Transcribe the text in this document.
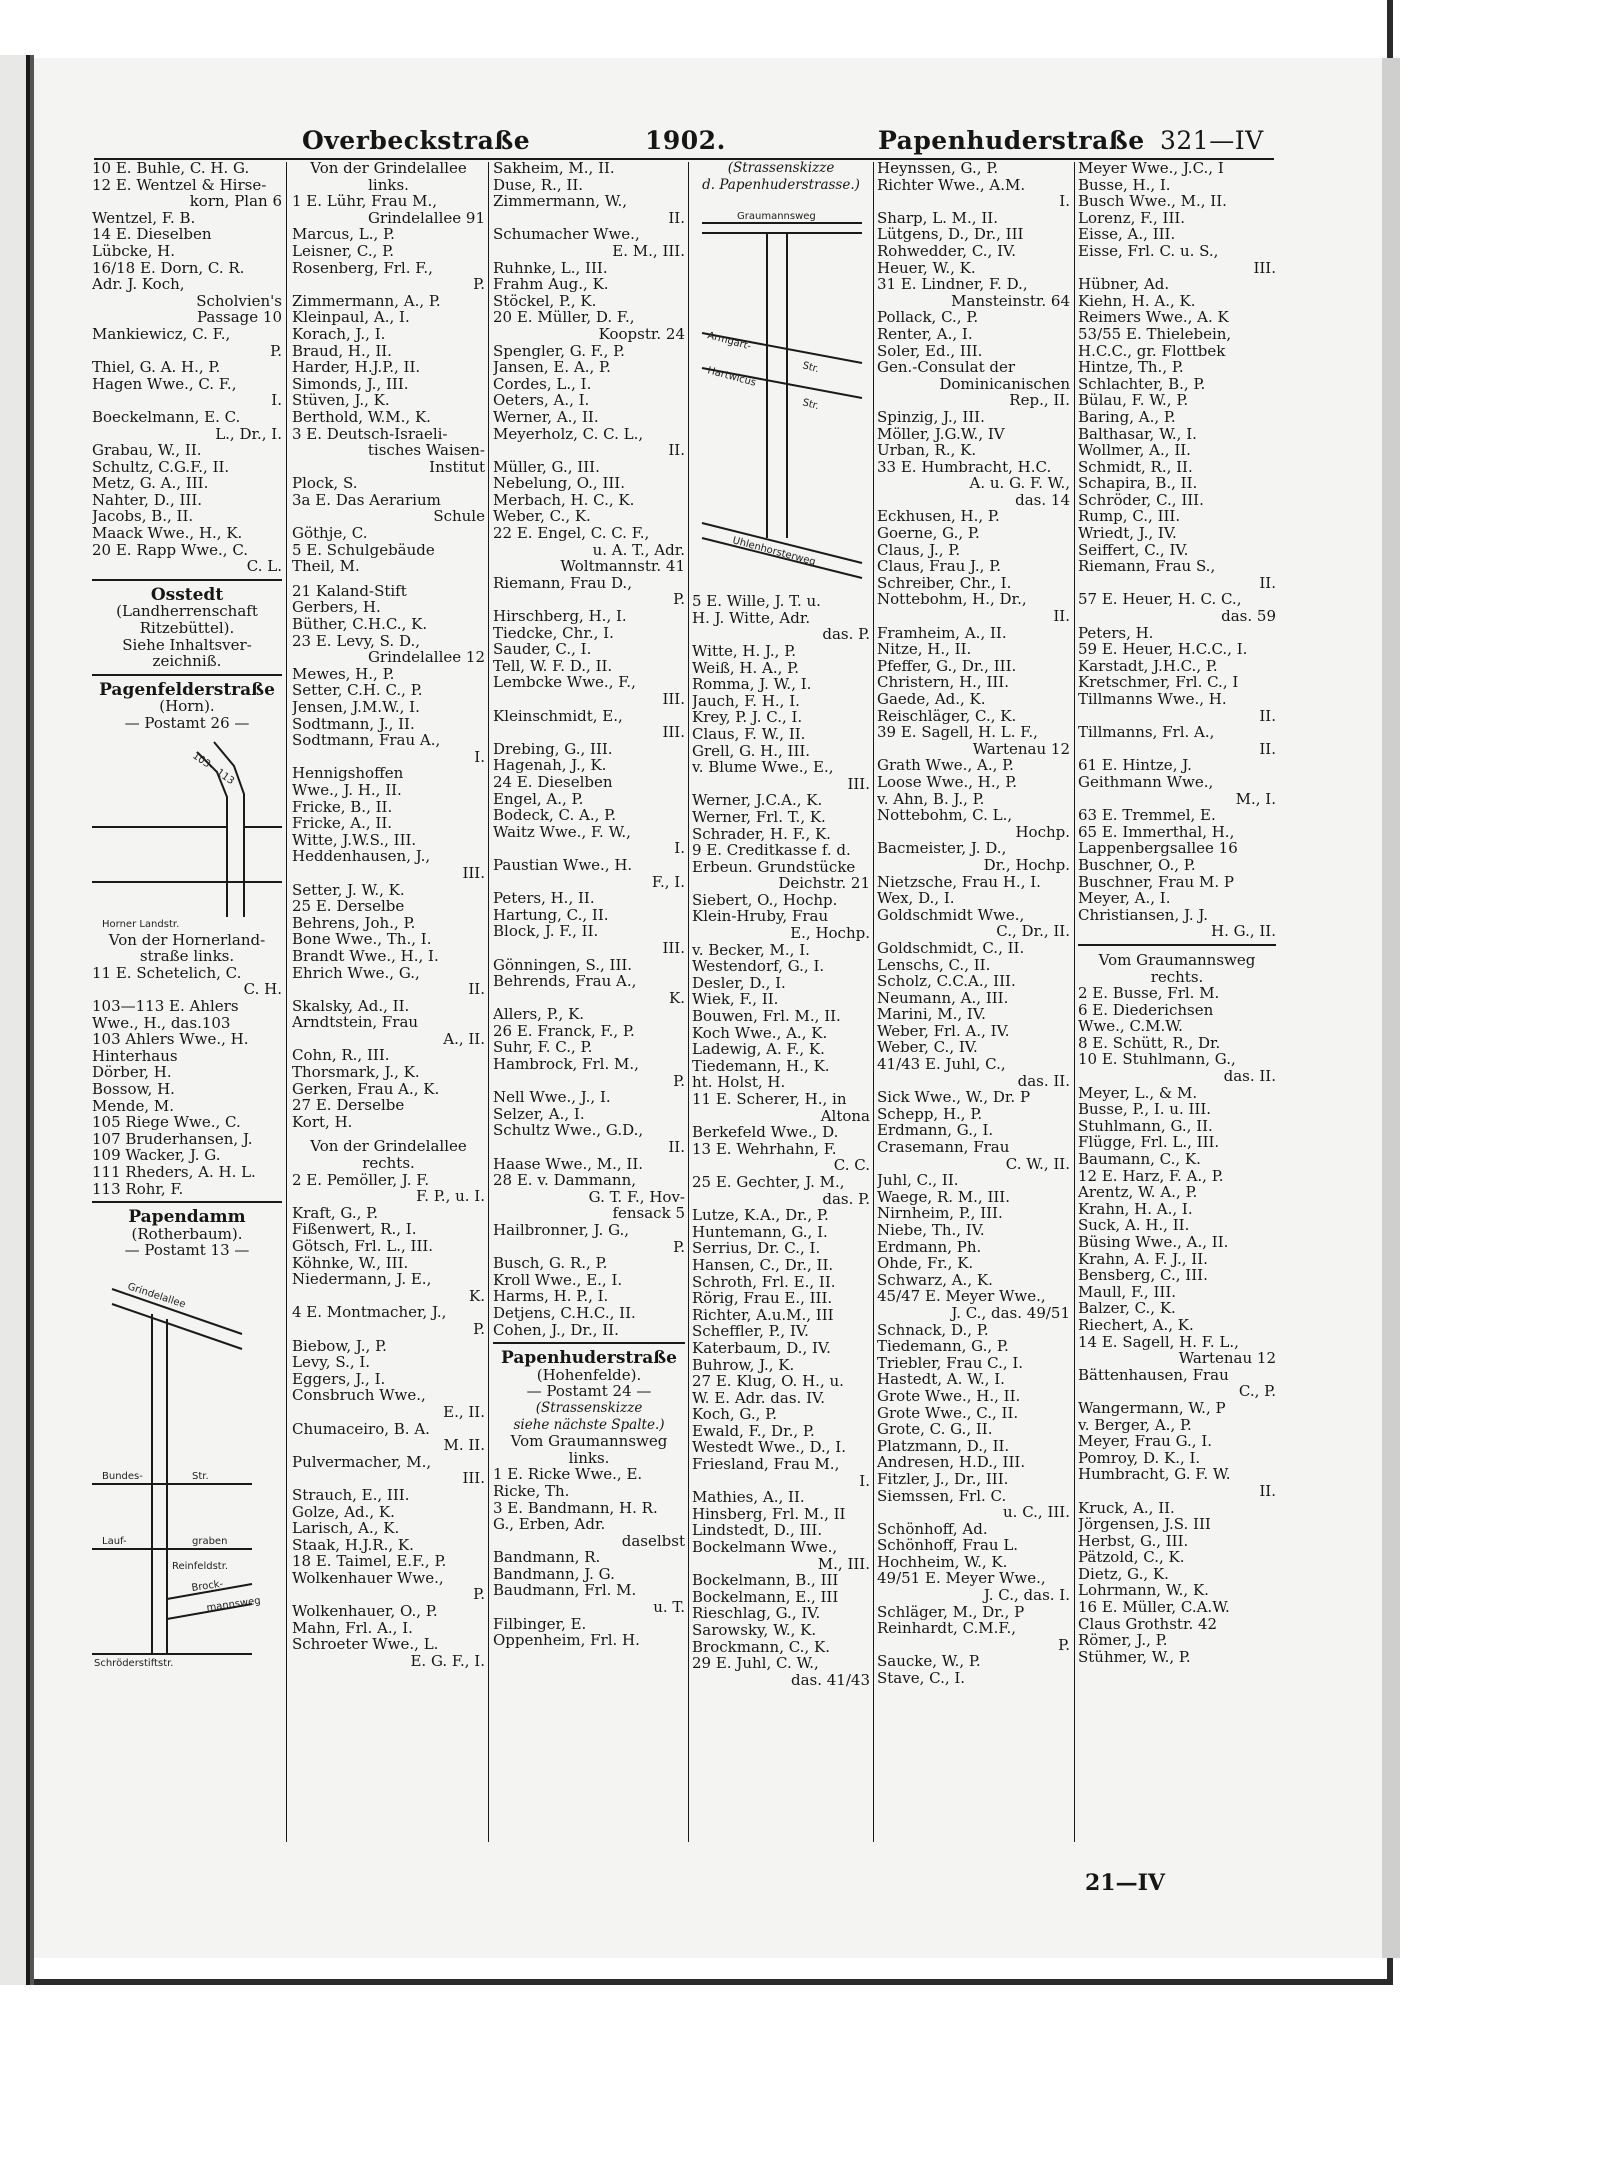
Overbeckstraße	1902.	Papenhuderstraße 321—IV
10 E. Buhle, C. H. G.
12 E. Wentzel & Hirse-
korn, Plan 6
Wentzel, F. B.
14 E. Dieselben
Lübcke, H.
16/18 E. Dorn, C. R.
Adr. J. Koch,
Scholvien's
Passage 10
Mankiewicz, C. F.,
P.
Thiel, G. A. H., P.
Hagen Wwe., C. F.,
I.
Boeckelmann, E. C.
L., Dr., I.
Grabau, W., II.
Schultz, C.G.F., II.
Metz, G. A., III.
Nahter, D., III.
Jacobs, B., II.
Maack Wwe., H., K.
20 E. Rapp Wwe., C.
C. L.
Osstedt
(Landherrenschaft
Ritzebüttel).
Siehe Inhaltsver-
zeichniß.
Pagenfelderstraße
(Horn).
— Postamt 26 —
103—113
Horner Landstr.
Von der Hornerland-
straße links.
11 E. Schetelich, C.
C. H.
103—113 E. Ahlers
Wwe., H., das.103
103 Ahlers Wwe., H.
Hinterhaus
Dörber, H.
Bossow, H.
Mende, M.
105 Riege Wwe., C.
107 Bruderhansen, J.
109 Wacker, J. G.
111 Rheders, A. H. L.
113 Rohr, F.
Papendamm
(Rotherbaum).
— Postamt 13 —
Grindelallee
Bundes-	Str.
Lauf-	graben
Reinfeldstr.
Brock-
mannsweg
Schröderstiftstr.
Von der Grindelallee
links.
1 E. Lühr, Frau M.,
Grindelallee 91
Marcus, L., P.
Leisner, C., P.
Rosenberg, Frl. F.,
P.
Zimmermann, A., P.
Kleinpaul, A., I.
Korach, J., I.
Braud, H., II.
Harder, H.J.P., II.
Simonds, J., III.
Stüven, J., K.
Berthold, W.M., K.
3 E. Deutsch-Israeli-
tisches Waisen-
Institut
Plock, S.
3a E. Das Aerarium
Schule
Göthje, C.
5 E. Schulgebäude
Theil, M.
21 Kaland-Stift
Gerbers, H.
Büther, C.H.C., K.
23 E. Levy, S. D.,
Grindelallee 12
Mewes, H., P.
Setter, C.H. C., P.
Jensen, J.M.W., I.
Sodtmann, J., II.
Sodtmann, Frau A.,
I.
Hennigshoffen
Wwe., J. H., II.
Fricke, B., II.
Fricke, A., II.
Witte, J.W.S., III.
Heddenhausen, J.,
III.
Setter, J. W., K.
25 E. Derselbe
Behrens, Joh., P.
Bone Wwe., Th., I.
Brandt Wwe., H., I.
Ehrich Wwe., G.,
II.
Skalsky, Ad., II.
Arndtstein, Frau
A., II.
Cohn, R., III.
Thorsmark, J., K.
Gerken, Frau A., K.
27 E. Derselbe
Kort, H.
Von der Grindelallee
rechts.
2 E. Pemöller, J. F.
F. P., u. I.
Kraft, G., P.
Fißenwert, R., I.
Götsch, Frl. L., III.
Köhnke, W., III.
Niedermann, J. E.,
K.
4 E. Montmacher, J.,
P.
Biebow, J., P.
Levy, S., I.
Eggers, J., I.
Consbruch Wwe.,
E., II.
Chumaceiro, B. A.
M. II.
Pulvermacher, M.,
III.
Strauch, E., III.
Golze, Ad., K.
Larisch, A., K.
Staak, H.J.R., K.
18 E. Taimel, E.F., P.
Wolkenhauer Wwe.,
P.
Wolkenhauer, O., P.
Mahn, Frl. A., I.
Schroeter Wwe., L.
E. G. F., I.
Sakheim, M., II.
Duse, R., II.
Zimmermann, W.,
II.
Schumacher Wwe.,
E. M., III.
Ruhnke, L., III.
Frahm Aug., K.
Stöckel, P., K.
20 E. Müller, D. F.,
Koopstr. 24
Spengler, G. F., P.
Jansen, E. A., P.
Cordes, L., I.
Oeters, A., I.
Werner, A., II.
Meyerholz, C. C. L.,
II.
Müller, G., III.
Nebelung, O., III.
Merbach, H. C., K.
Weber, C., K.
22 E. Engel, C. C. F.,
u. A. T., Adr.
Woltmannstr. 41
Riemann, Frau D.,
P.
Hirschberg, H., I.
Tiedcke, Chr., I.
Sauder, C., I.
Tell, W. F. D., II.
Lembcke Wwe., F.,
III.
Kleinschmidt, E.,
III.
Drebing, G., III.
Hagenah, J., K.
24 E. Dieselben
Engel, A., P.
Bodeck, C. A., P.
Waitz Wwe., F. W.,
I.
Paustian Wwe., H.
F., I.
Peters, H., II.
Hartung, C., II.
Block, J. F., II.
III.
Gönningen, S., III.
Behrends, Frau A.,
K.
Allers, P., K.
26 E. Franck, F., P.
Suhr, F. C., P.
Hambrock, Frl. M.,
P.
Nell Wwe., J., I.
Selzer, A., I.
Schultz Wwe., G.D.,
II.
Haase Wwe., M., II.
28 E. v. Dammann,
G. T. F., Hov-
fensack 5
Hailbronner, J. G.,
P.
Busch, G. R., P.
Kroll Wwe., E., I.
Harms, H. P., I.
Detjens, C.H.C., II.
Cohen, J., Dr., II.
Papenhuderstraße
(Hohenfelde).
— Postamt 24 —
(Strassenskizze
siehe nächste Spalte.)
Vom Graumannsweg
links.
1 E. Ricke Wwe., E.
Ricke, Th.
3 E. Bandmann, H. R.
G., Erben, Adr.
daselbst
Bandmann, R.
Bandmann, J. G.
Baudmann, Frl. M.
u. T.
Filbinger, E.
Oppenheim, Frl. H.
(Strassenskizze
d. Papenhuderstrasse.)
Graumannsweg
Armgart-
Str.
Hartwicus
Str.
Uhlenhorsterweg
5 E. Wille, J. T. u.
H. J. Witte, Adr.
das. P.
Witte, H. J., P.
Weiß, H. A., P.
Romma, J. W., I.
Jauch, F. H., I.
Krey, P. J. C., I.
Claus, F. W., II.
Grell, G. H., III.
v. Blume Wwe., E.,
III.
Werner, J.C.A., K.
Werner, Frl. T., K.
Schrader, H. F., K.
9 E. Creditkasse f. d.
Erbeun. Grundstücke
Deichstr. 21
Siebert, O., Hochp.
Klein-Hruby, Frau
E., Hochp.
v. Becker, M., I.
Westendorf, G., I.
Desler, D., I.
Wiek, F., II.
Bouwen, Frl. M., II.
Koch Wwe., A., K.
Ladewig, A. F., K.
Tiedemann, H., K.
ht. Holst, H.
11 E. Scherer, H., in
Altona
Berkefeld Wwe., D.
13 E. Wehrhahn, F.
C. C.
25 E. Gechter, J. M.,
das. P.
Lutze, K.A., Dr., P.
Huntemann, G., I.
Serrius, Dr. C., I.
Hansen, C., Dr., II.
Schroth, Frl. E., II.
Rörig, Frau E., III.
Richter, A.u.M., III
Scheffler, P., IV.
Katerbaum, D., IV.
Buhrow, J., K.
27 E. Klug, O. H., u.
W. E. Adr. das. IV.
Koch, G., P.
Ewald, F., Dr., P.
Westedt Wwe., D., I.
Friesland, Frau M.,
I.
Mathies, A., II.
Hinsberg, Frl. M., II
Lindstedt, D., III.
Bockelmann Wwe.,
M., III.
Bockelmann, B., III
Bockelmann, E., III
Rieschlag, G., IV.
Sarowsky, W., K.
Brockmann, C., K.
29 E. Juhl, C. W.,
das. 41/43
Heynssen, G., P.
Richter Wwe., A.M.
I.
Sharp, L. M., II.
Lütgens, D., Dr., III
Rohwedder, C., IV.
Heuer, W., K.
31 E. Lindner, F. D.,
Mansteinstr. 64
Pollack, C., P.
Renter, A., I.
Soler, Ed., III.
Gen.-Consulat der
Dominicanischen
Rep., II.
Spinzig, J., III.
Möller, J.G.W., IV
Urban, R., K.
33 E. Humbracht, H.C.
A. u. G. F. W.,
das. 14
Eckhusen, H., P.
Goerne, G., P.
Claus, J., P.
Claus, Frau J., P.
Schreiber, Chr., I.
Nottebohm, H., Dr.,
II.
Framheim, A., II.
Nitze, H., II.
Pfeffer, G., Dr., III.
Christern, H., III.
Gaede, Ad., K.
Reischläger, C., K.
39 E. Sagell, H. L. F.,
Wartenau 12
Grath Wwe., A., P.
Loose Wwe., H., P.
v. Ahn, B. J., P.
Nottebohm, C. L.,
Hochp.
Bacmeister, J. D.,
Dr., Hochp.
Nietzsche, Frau H., I.
Wex, D., I.
Goldschmidt Wwe.,
C., Dr., II.
Goldschmidt, C., II.
Lenschs, C., II.
Scholz, C.C.A., III.
Neumann, A., III.
Marini, M., IV.
Weber, Frl. A., IV.
Weber, C., IV.
41/43 E. Juhl, C.,
das. II.
Sick Wwe., W., Dr. P
Schepp, H., P.
Erdmann, G., I.
Crasemann, Frau
C. W., II.
Juhl, C., II.
Waege, R. M., III.
Nirnheim, P., III.
Niebe, Th., IV.
Erdmann, Ph.
Ohde, Fr., K.
Schwarz, A., K.
45/47 E. Meyer Wwe.,
J. C., das. 49/51
Schnack, D., P.
Tiedemann, G., P.
Triebler, Frau C., I.
Hastedt, A. W., I.
Grote Wwe., H., II.
Grote Wwe., C., II.
Grote, C. G., II.
Platzmann, D., II.
Andresen, H.D., III.
Fitzler, J., Dr., III.
Siemssen, Frl. C.
u. C., III.
Schönhoff, Ad.
Schönhoff, Frau L.
Hochheim, W., K.
49/51 E. Meyer Wwe.,
J. C., das. I.
Schläger, M., Dr., P
Reinhardt, C.M.F.,
P.
Saucke, W., P.
Stave, C., I.
Meyer Wwe., J.C., I
Busse, H., I.
Busch Wwe., M., II.
Lorenz, F., III.
Eisse, A., III.
Eisse, Frl. C. u. S.,
III.
Hübner, Ad.
Kiehn, H. A., K.
Reimers Wwe., A. K
53/55 E. Thielebein,
H.C.C., gr. Flottbek
Hintze, Th., P.
Schlachter, B., P.
Bülau, F. W., P.
Baring, A., P.
Balthasar, W., I.
Wollmer, A., II.
Schmidt, R., II.
Schapira, B., II.
Schröder, C., III.
Rump, C., III.
Wriedt, J., IV.
Seiffert, C., IV.
Riemann, Frau S.,
II.
57 E. Heuer, H. C. C.,
das. 59
Peters, H.
59 E. Heuer, H.C.C., I.
Karstadt, J.H.C., P.
Kretschmer, Frl. C., I
Tillmanns Wwe., H.
II.
Tillmanns, Frl. A.,
II.
61 E. Hintze, J.
Geithmann Wwe.,
M., I.
63 E. Tremmel, E.
65 E. Immerthal, H.,
Lappenbergsallee 16
Buschner, O., P.
Buschner, Frau M. P
Meyer, A., I.
Christiansen, J. J.
H. G., II.
Vom Graumannsweg
rechts.
2 E. Busse, Frl. M.
6 E. Diederichsen
Wwe., C.M.W.
8 E. Schütt, R., Dr.
10 E. Stuhlmann, G.,
das. II.
Meyer, L., & M.
Busse, P., I. u. III.
Stuhlmann, G., II.
Flügge, Frl. L., III.
Baumann, C., K.
12 E. Harz, F. A., P.
Arentz, W. A., P.
Krahn, H. A., I.
Suck, A. H., II.
Büsing Wwe., A., II.
Krahn, A. F. J., II.
Bensberg, C., III.
Maull, F., III.
Balzer, C., K.
Riechert, A., K.
14 E. Sagell, H. F. L.,
Wartenau 12
Bättenhausen, Frau
C., P.
Wangermann, W., P
v. Berger, A., P.
Meyer, Frau G., I.
Pomroy, D. K., I.
Humbracht, G. F. W.
II.
Kruck, A., II.
Jörgensen, J.S. III
Herbst, G., III.
Pätzold, C., K.
Dietz, G., K.
Lohrmann, W., K.
16 E. Müller, C.A.W.
Claus Grothstr. 42
Römer, J., P.
Stühmer, W., P.
21—IV
